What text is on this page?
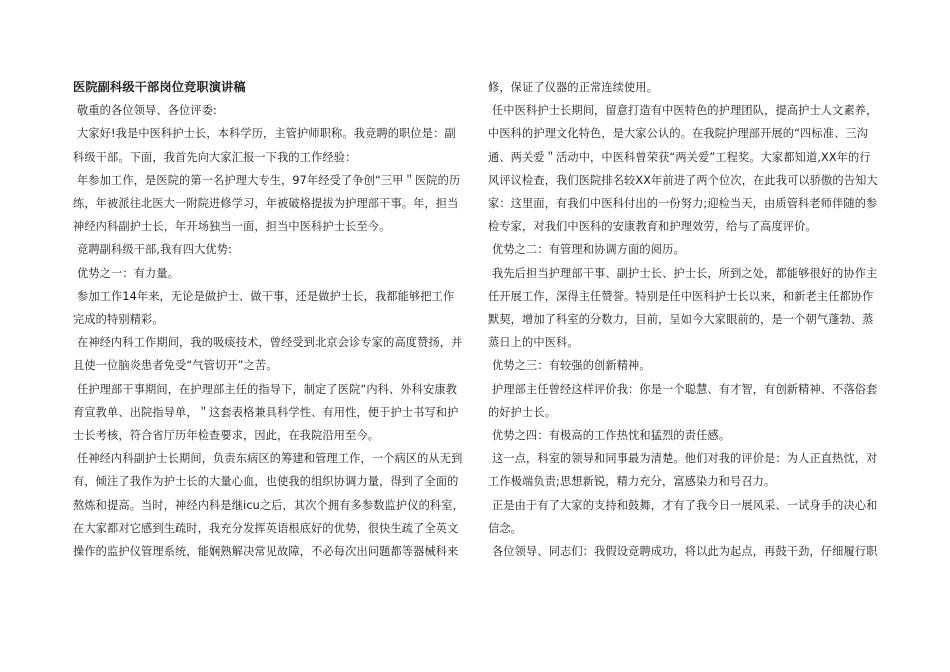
医院副科级干部岗位竞职演讲稿

敬重的各位领导、各位评委:

大家好!我是中医科护士长，本科学历，主管护师职称。我竞聘的职位是：副科级干部。下面，我首先向大家汇报一下我的工作经验：

年参加工作，是医院的第一名护理大专生，97年经受了争创“三甲＂医院的历练，年被派往北医大一附院进修学习，年被破格提拔为护理部干事。年，担当神经内科副护士长，年开场独当一面，担当中医科护士长至今。

竞聘副科级干部,我有四大优势:

优势之一：有力量。

参加工作14年来，无论是做护士、做干事，还是做护士长，我都能够把工作完成的特别精彩。

在神经内科工作期间，我的吸痰技术，曾经受到北京会诊专家的高度赞扬，并且使一位脑炎患者免受“气管切开”之苦。

任护理部干事期间，在护理部主任的指导下，制定了医院“内科、外科安康教育宣教单、出院指导单，＂这套表格兼具科学性、有用性，便于护士书写和护士长考核，符合省厅历年检查要求，因此，在我院沿用至今。

任神经内科副护士长期间，负责东病区的筹建和管理工作，一个病区的从无到有，倾注了我作为护士长的大量心血，也使我的组织协调力量，得到了全面的熬炼和提高。当时，神经内科是继icu之后，其次个拥有多参数监护仪的科室，在大家都对它感到生疏时，我充分发挥英语根底好的优势，很快生疏了全英文操作的监护仪管理系统，能娴熟解决常见故障，不必每次出问题都等器械科来

修，保证了仪器的正常连续使用。

任中医科护士长期间，留意打造有中医特色的护理团队，提高护士人文素养，中医科的护理文化特色，是大家公认的。在我院护理部开展的“四标准、三沟通、两关爱＂活动中，中医科曾荣获“两关爱”工程奖。大家都知道,XX年的行风评议检查，我们医院排名较XX年前进了两个位次，在此我可以骄傲的告知大家：这里面，有我们中医科付出的一份努力;迎检当天，由质管科老师伴随的参检专家，对我们中医科的安康教育和护理效劳，给与了高度评价。

优势之二：有管理和协调方面的阅历。

我先后担当护理部干事、副护士长、护士长，所到之处，都能够很好的协作主任开展工作，深得主任赞誉。特别是任中医科护士长以来，和新老主任都协作默契，增加了科室的分数力，目前，呈如今大家眼前的，是一个朝气蓬勃、蒸蒸日上的中医科。

优势之三：有较强的创新精神。

护理部主任曾经这样评价我：你是一个聪慧、有才智，有创新精神、不落俗套的好护士长。

优势之四：有极高的工作热忱和猛烈的责任感。

这一点，科室的领导和同事最为清楚。他们对我的评价是：为人正直热忱，对工作极端负责;思想新锐，精力充分，富感染力和号召力。

正是由于有了大家的支持和鼓舞，才有了我今日一展风采、一试身手的决心和信念。

各位领导、同志们：我假设竞聘成功，将以此为起点，再鼓干劲，仔细履行职
